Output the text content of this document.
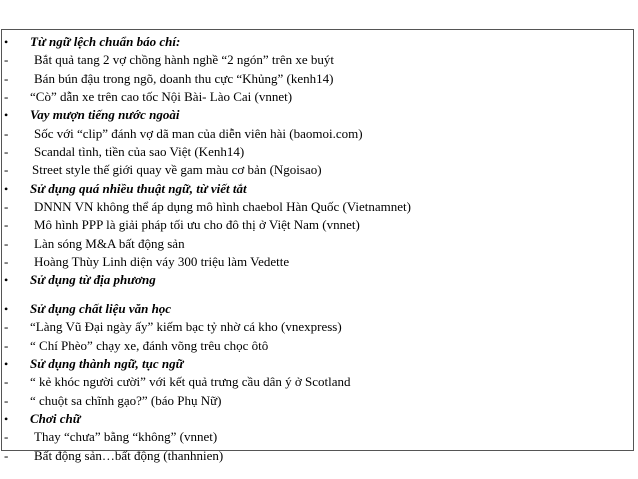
•	Từ ngữ lệch chuẩn báo chí:
-	Bắt quả tang 2 vợ chồng hành nghề “2 ngón” trên xe buýt
-	Bán bún đậu trong ngõ, doanh thu cực “Khủng” (kenh14)
-	“Cò” dẫn xe trên cao tốc Nội Bài- Lào Cai (vnnet)
•	Vay mượn tiếng nước ngoài
-	Sốc với “clip” đánh vợ dã man của diễn viên hài (baomoi.com)
-	Scandal tình, tiền của sao Việt (Kenh14)
-	Street style thế giới quay về gam màu cơ bản (Ngoisao)
•	Sử dụng quá nhiều thuật ngữ, từ viết tắt
-	DNNN VN không thể áp dụng mô hình chaebol Hàn Quốc (Vietnamnet)
-	Mô hình PPP là giải pháp tối ưu cho đô thị ở Việt Nam (vnnet)
-	Làn sóng M&A bất động sản
-	Hoàng Thùy Linh diện váy 300 triệu làm Vedette
•	Sử dụng từ địa phương
•	Sử dụng chất liệu văn học
-	“Làng Vũ Đại ngày ấy” kiếm bạc tỷ nhờ cá kho (vnexpress)
-	“ Chí Phèo” chạy xe, đánh võng trêu chọc ôtô
•	Sử dụng thành ngữ, tục ngữ
-	“ kẻ khóc người cười” với kết quả trưng cầu dân ý ở Scotland
-	“ chuột sa chĩnh gạo?” (báo Phụ Nữ)
•	Chơi chữ
-	Thay “chưa” bằng “không” (vnnet)
-	Bất động sản…bất động (thanhnien)
